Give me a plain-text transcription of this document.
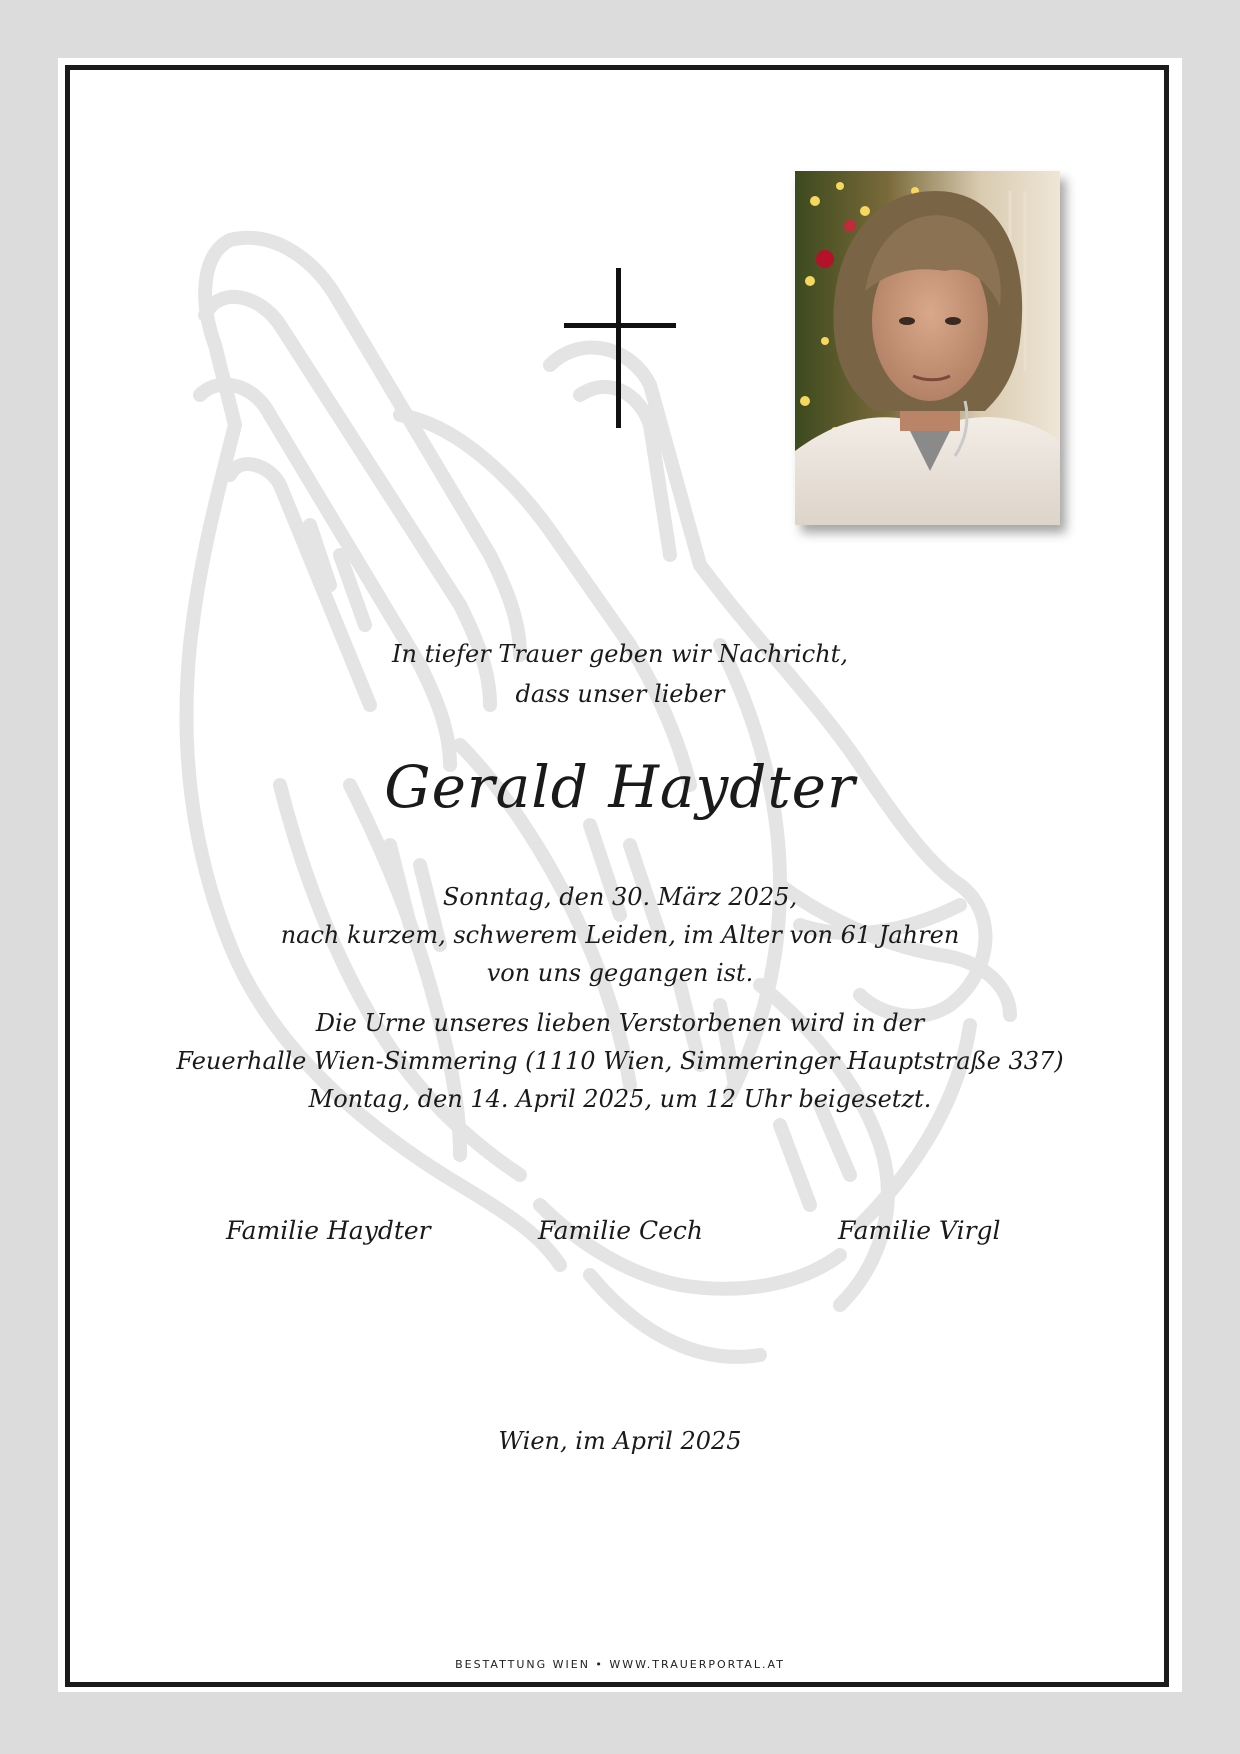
In tiefer Trauer geben wir Nachricht,
dass unser lieber
Gerald Haydter
Sonntag, den 30. März 2025,
nach kurzem, schwerem Leiden, im Alter von 61 Jahren
von uns gegangen ist.
Die Urne unseres lieben Verstorbenen wird in der
Feuerhalle Wien-Simmering (1110 Wien, Simmeringer Hauptstraße 337)
Montag, den 14. April 2025, um 12 Uhr beigesetzt.
Familie Haydter	Familie Cech	Familie Virgl
Wien, im April 2025
BESTATTUNG WIEN • WWW.TRAUERPORTAL.AT
